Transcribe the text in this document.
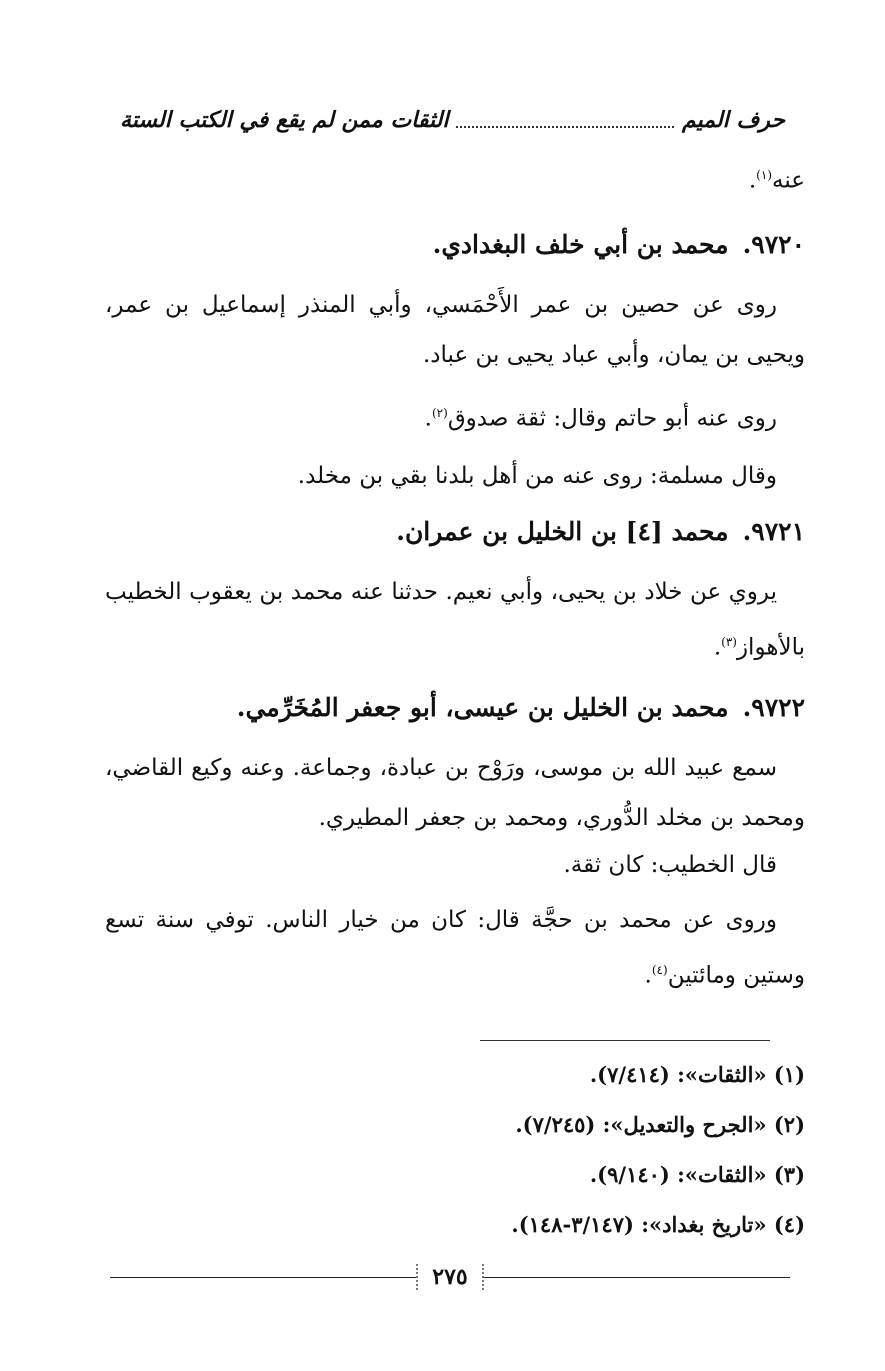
حرف الميم
الثقات ممن لم يقع في الكتب الستة

عنه$^{(١)}$.

٩٧٢٠.محمد بن أبي خلف البغدادي.

روى عن حصين بن عمر الأَحْمَسي، وأبي المنذر إسماعيل بن عمر، ويحيى بن يمان، وأبي عباد يحيى بن عباد.

روى عنه أبو حاتم وقال: ثقة صدوق$^{(٢)}$.

وقال مسلمة: روى عنه من أهل بلدنا بقي بن مخلد.

٩٧٢١.محمد [٤] بن الخليل بن عمران.

يروي عن خلاد بن يحيى، وأبي نعيم. حدثنا عنه محمد بن يعقوب الخطيب بالأهواز$^{(٣)}$.

٩٧٢٢.محمد بن الخليل بن عيسى، أبو جعفر المُخَرِّمي.

سمع عبيد الله بن موسى، ورَوْح بن عبادة، وجماعة. وعنه وكيع القاضي، ومحمد بن مخلد الدُّوري، ومحمد بن جعفر المطيري.

قال الخطيب: كان ثقة.

وروى عن محمد بن حجَّة قال: كان من خيار الناس. توفي سنة تسع وستين ومائتين$^{(٤)}$.

(١) «الثقات»: (٧/٤١٤).

(٢) «الجرح والتعديل»: (٧/٢٤٥).

(٣) «الثقات»: (٩/١٤٠).

(٤) «تاريخ بغداد»: (٣/١٤٧-١٤٨).

٢٧٥
